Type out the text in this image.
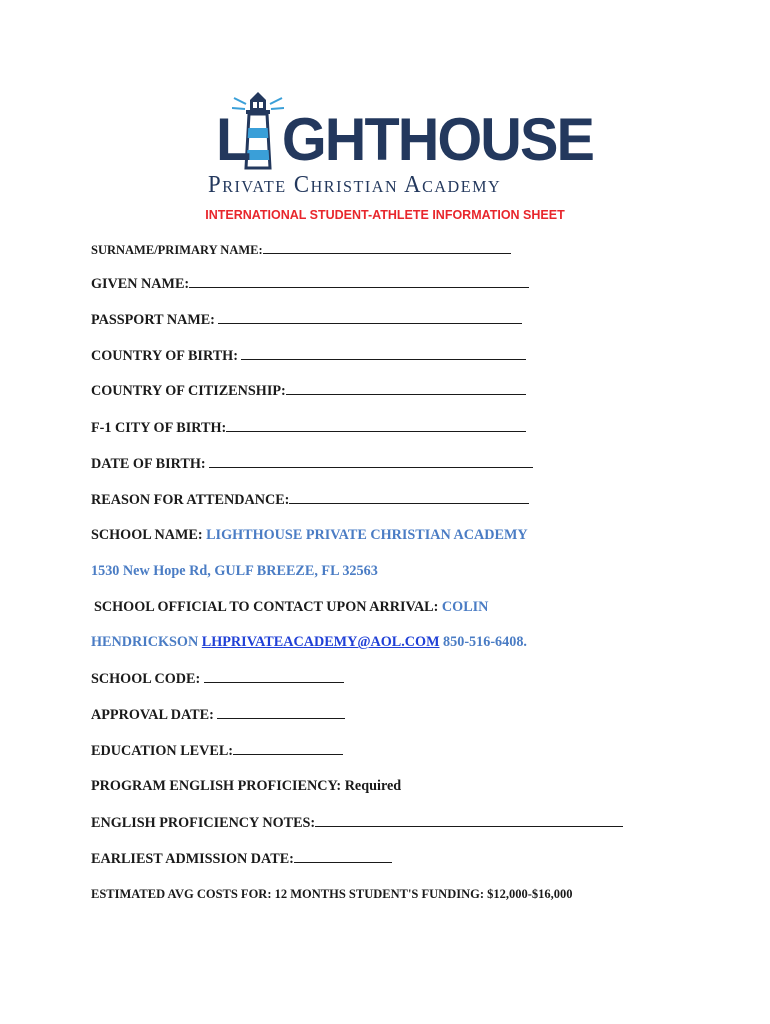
L GHTHOUSE
Private Christian Academy
INTERNATIONAL STUDENT-ATHLETE INFORMATION SHEET
SURNAME/PRIMARY NAME:
GIVEN NAME:
PASSPORT NAME:
COUNTRY OF BIRTH:
COUNTRY OF CITIZENSHIP:
F-1 CITY OF BIRTH:
DATE OF BIRTH:
REASON FOR ATTENDANCE:
SCHOOL NAME: LIGHTHOUSE PRIVATE CHRISTIAN ACADEMY
1530 New Hope Rd, GULF BREEZE, FL 32563
SCHOOL OFFICIAL TO CONTACT UPON ARRIVAL: COLIN
HENDRICKSON LHPRIVATEACADEMY@AOL.COM 850-516-6408.
SCHOOL CODE:
APPROVAL DATE:
EDUCATION LEVEL:
PROGRAM ENGLISH PROFICIENCY: Required
ENGLISH PROFICIENCY NOTES:
EARLIEST ADMISSION DATE:
ESTIMATED AVG COSTS FOR: 12 MONTHS STUDENT'S FUNDING: $12,000-$16,000
